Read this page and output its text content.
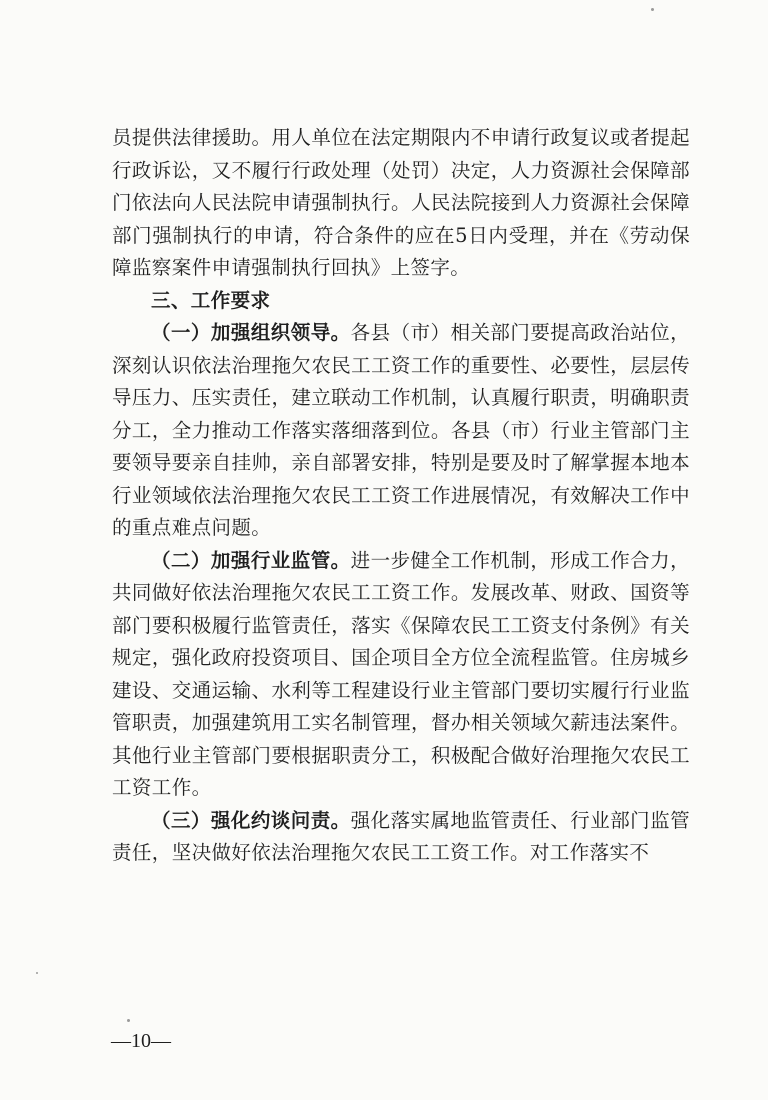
员提供法律援助。用人单位在法定期限内不申请行政复议或者提起行政诉讼，又不履行行政处理（处罚）决定，人力资源社会保障部门依法向人民法院申请强制执行。人民法院接到人力资源社会保障部门强制执行的申请，符合条件的应在5日内受理，并在《劳动保障监察案件申请强制执行回执》上签字。

三、工作要求

（一）加强组织领导。各县（市）相关部门要提高政治站位，深刻认识依法治理拖欠农民工工资工作的重要性、必要性，层层传导压力、压实责任，建立联动工作机制，认真履行职责，明确职责分工，全力推动工作落实落细落到位。各县（市）行业主管部门主要领导要亲自挂帅，亲自部署安排，特别是要及时了解掌握本地本行业领域依法治理拖欠农民工工资工作进展情况，有效解决工作中的重点难点问题。

（二）加强行业监管。进一步健全工作机制，形成工作合力，共同做好依法治理拖欠农民工工资工作。发展改革、财政、国资等部门要积极履行监管责任，落实《保障农民工工资支付条例》有关规定，强化政府投资项目、国企项目全方位全流程监管。住房城乡建设、交通运输、水利等工程建设行业主管部门要切实履行行业监管职责，加强建筑用工实名制管理，督办相关领域欠薪违法案件。其他行业主管部门要根据职责分工，积极配合做好治理拖欠农民工工资工作。

（三）强化约谈问责。强化落实属地监管责任、行业部门监管责任，坚决做好依法治理拖欠农民工工资工作。对工作落实不

—10—
